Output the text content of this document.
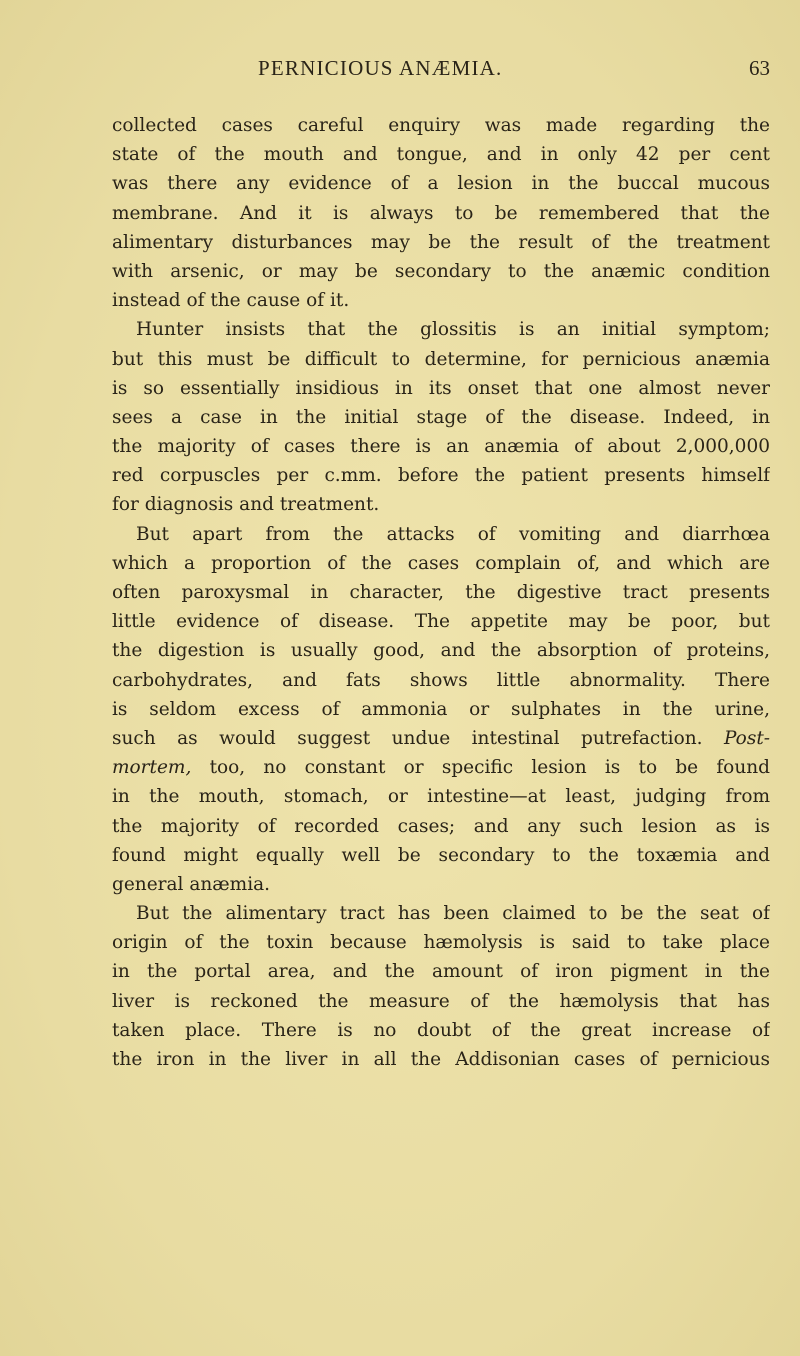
PERNICIOUS ANÆMIA.	63
collected cases careful enquiry was made regarding the
state of the mouth and tongue, and in only 42 per cent
was there any evidence of a lesion in the buccal mucous
membrane. And it is always to be remembered that the
alimentary disturbances may be the result of the treatment
with arsenic, or may be secondary to the anæmic condition
instead of the cause of it.
Hunter insists that the glossitis is an initial symptom;
but this must be difficult to determine, for pernicious anæmia
is so essentially insidious in its onset that one almost never
sees a case in the initial stage of the disease. Indeed, in
the majority of cases there is an anæmia of about 2,000,000
red corpuscles per c.mm. before the patient presents himself
for diagnosis and treatment.
But apart from the attacks of vomiting and diarrhœa
which a proportion of the cases complain of, and which are
often paroxysmal in character, the digestive tract presents
little evidence of disease. The appetite may be poor, but
the digestion is usually good, and the absorption of proteins,
carbohydrates, and fats shows little abnormality. There
is seldom excess of ammonia or sulphates in the urine,
such as would suggest undue intestinal putrefaction. Post-
mortem, too, no constant or specific lesion is to be found
in the mouth, stomach, or intestine—at least, judging from
the majority of recorded cases; and any such lesion as is
found might equally well be secondary to the toxæmia and
general anæmia.
But the alimentary tract has been claimed to be the seat of
origin of the toxin because hæmolysis is said to take place
in the portal area, and the amount of iron pigment in the
liver is reckoned the measure of the hæmolysis that has
taken place. There is no doubt of the great increase of
the iron in the liver in all the Addisonian cases of pernicious
